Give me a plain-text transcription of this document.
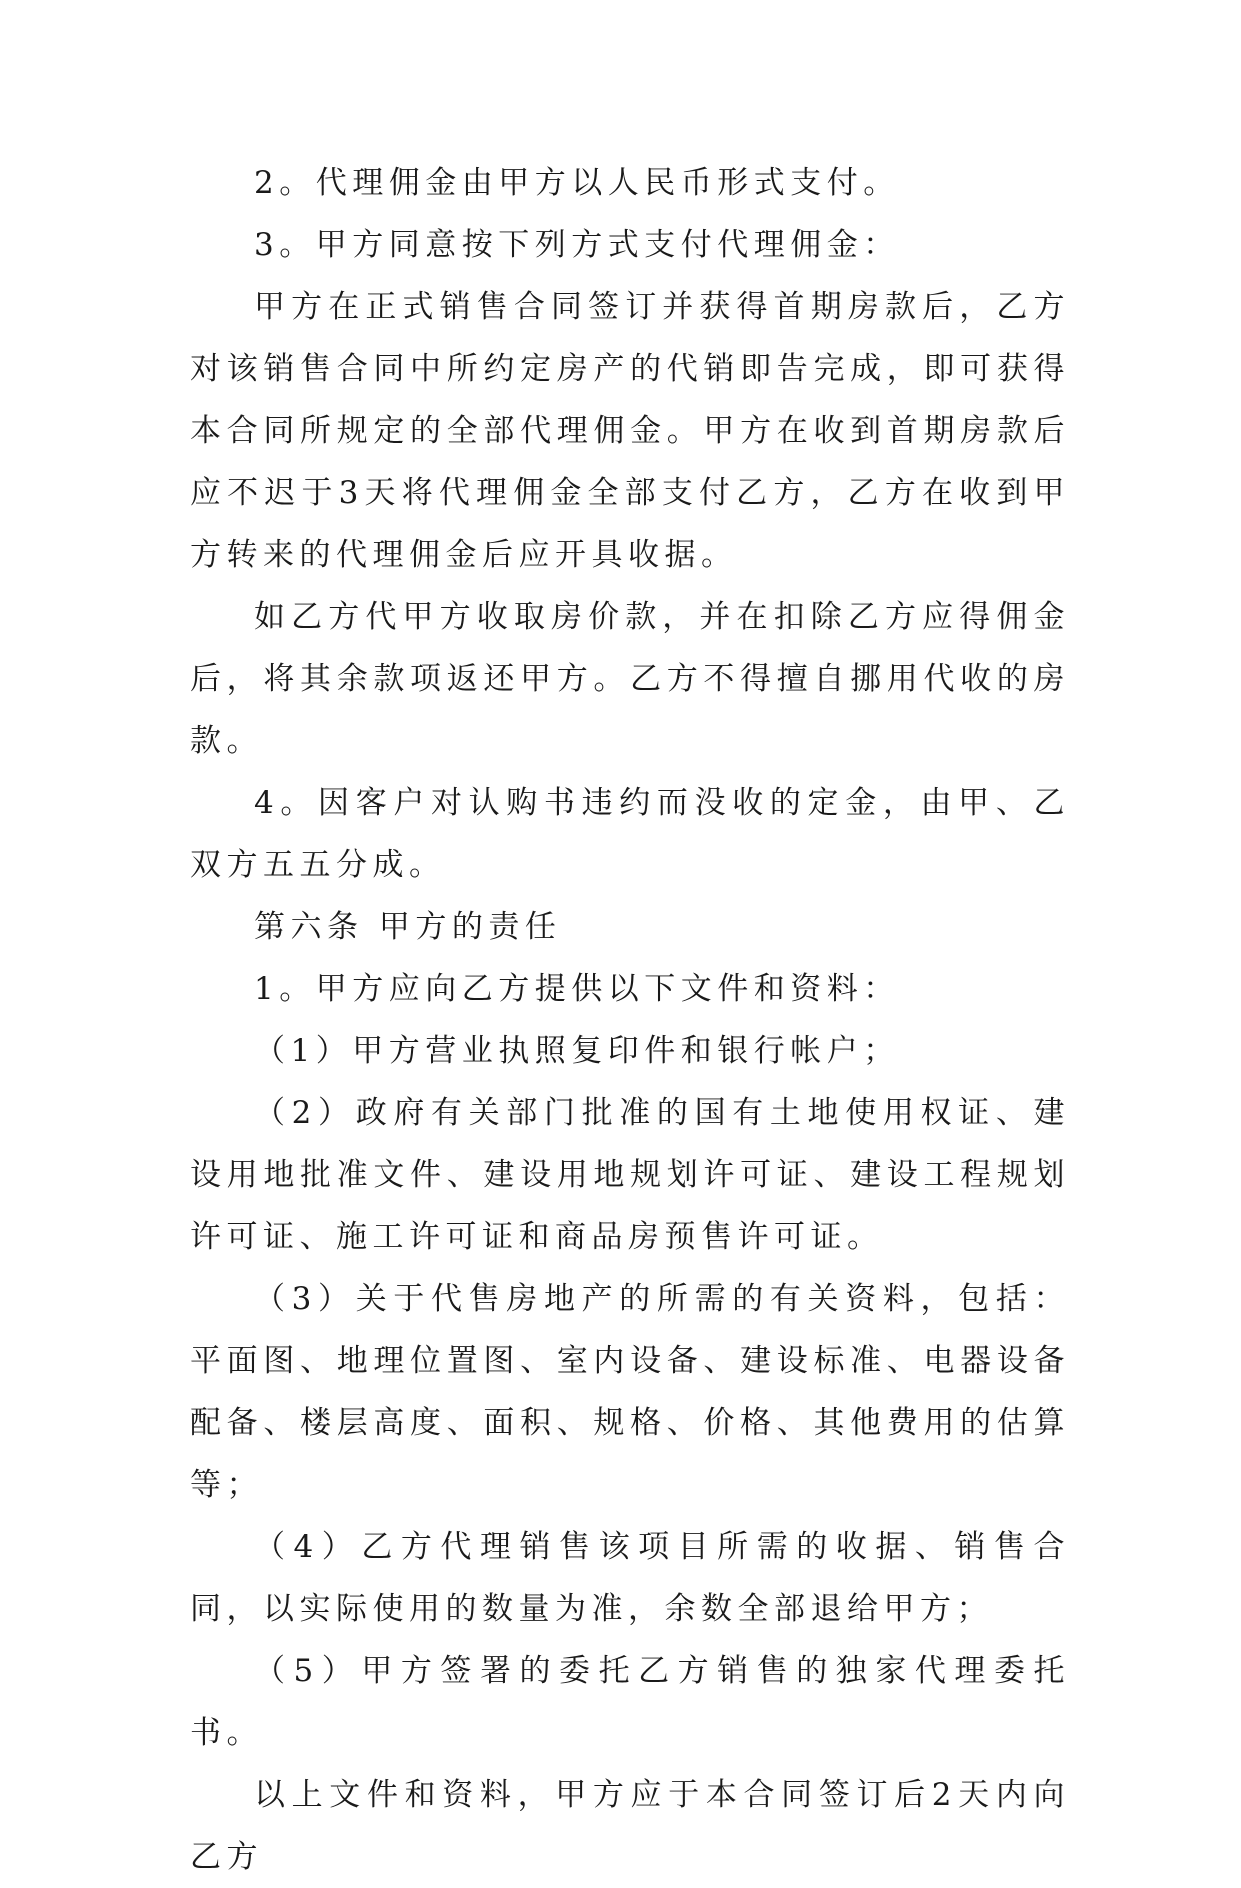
2。代理佣金由甲方以人民币形式支付。

3。甲方同意按下列方式支付代理佣金：

甲方在正式销售合同签订并获得首期房款后，乙方对该销售合同中所约定房产的代销即告完成，即可获得本合同所规定的全部代理佣金。甲方在收到首期房款后应不迟于3天将代理佣金全部支付乙方，乙方在收到甲方转来的代理佣金后应开具收据。

如乙方代甲方收取房价款，并在扣除乙方应得佣金后，将其余款项返还甲方。乙方不得擅自挪用代收的房款。

4。因客户对认购书违约而没收的定金，由甲、乙双方五五分成。

第六条 甲方的责任

1。甲方应向乙方提供以下文件和资料：

（1）甲方营业执照复印件和银行帐户；

（2）政府有关部门批准的国有土地使用权证、建设用地批准文件、建设用地规划许可证、建设工程规划许可证、施工许可证和商品房预售许可证。

（3）关于代售房地产的所需的有关资料，包括：平面图、地理位置图、室内设备、建设标准、电器设备配备、楼层高度、面积、规格、价格、其他费用的估算等；

（4）乙方代理销售该项目所需的收据、销售合同，以实际使用的数量为准，余数全部退给甲方；

（5）甲方签署的委托乙方销售的独家代理委托书。

以上文件和资料，甲方应于本合同签订后2天内向乙方
